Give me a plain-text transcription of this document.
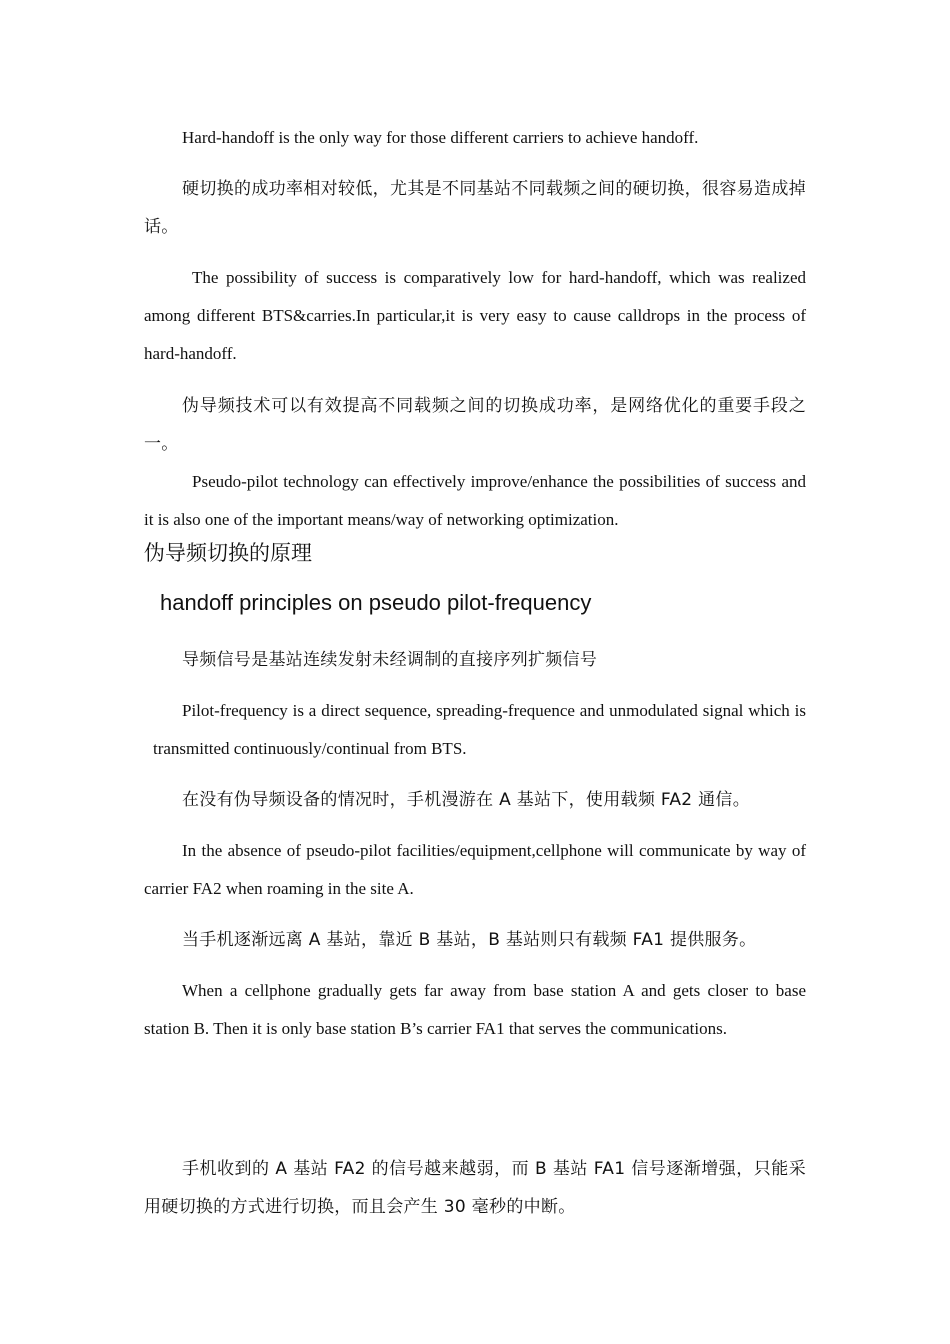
Hard-handoff is the only way for those different carriers to achieve handoff.

硬切换的成功率相对较低，尤其是不同基站不同载频之间的硬切换，很容易造成掉话。

The possibility of success is comparatively low for hard-handoff, which was realized among different BTS&carries.In particular,it is very easy to cause calldrops in the process of hard-handoff.

伪导频技术可以有效提高不同载频之间的切换成功率，是网络优化的重要手段之一。

Pseudo-pilot technology can effectively improve/enhance the possibilities of success and it is also one of the important means/way of networking optimization.

伪导频切换的原理
handoff principles on pseudo pilot-frequency

导频信号是基站连续发射未经调制的直接序列扩频信号

Pilot-frequency is a direct sequence, spreading-frequence and unmodulated signal which is transmitted continuously/continual from BTS.

在没有伪导频设备的情况时，手机漫游在 A 基站下，使用载频 FA2 通信。

In the absence of pseudo-pilot facilities/equipment,cellphone will communicate by way of carrier FA2 when roaming in the site A.

当手机逐渐远离 A 基站，靠近 B 基站，B 基站则只有载频 FA1 提供服务。

When a cellphone gradually gets far away from base station A and gets closer to base station B. Then it is only base station B’s carrier FA1 that serves the communications.

手机收到的 A 基站 FA2 的信号越来越弱，而 B 基站 FA1 信号逐渐增强，只能采用硬切换的方式进行切换，而且会产生 30 毫秒的中断。
